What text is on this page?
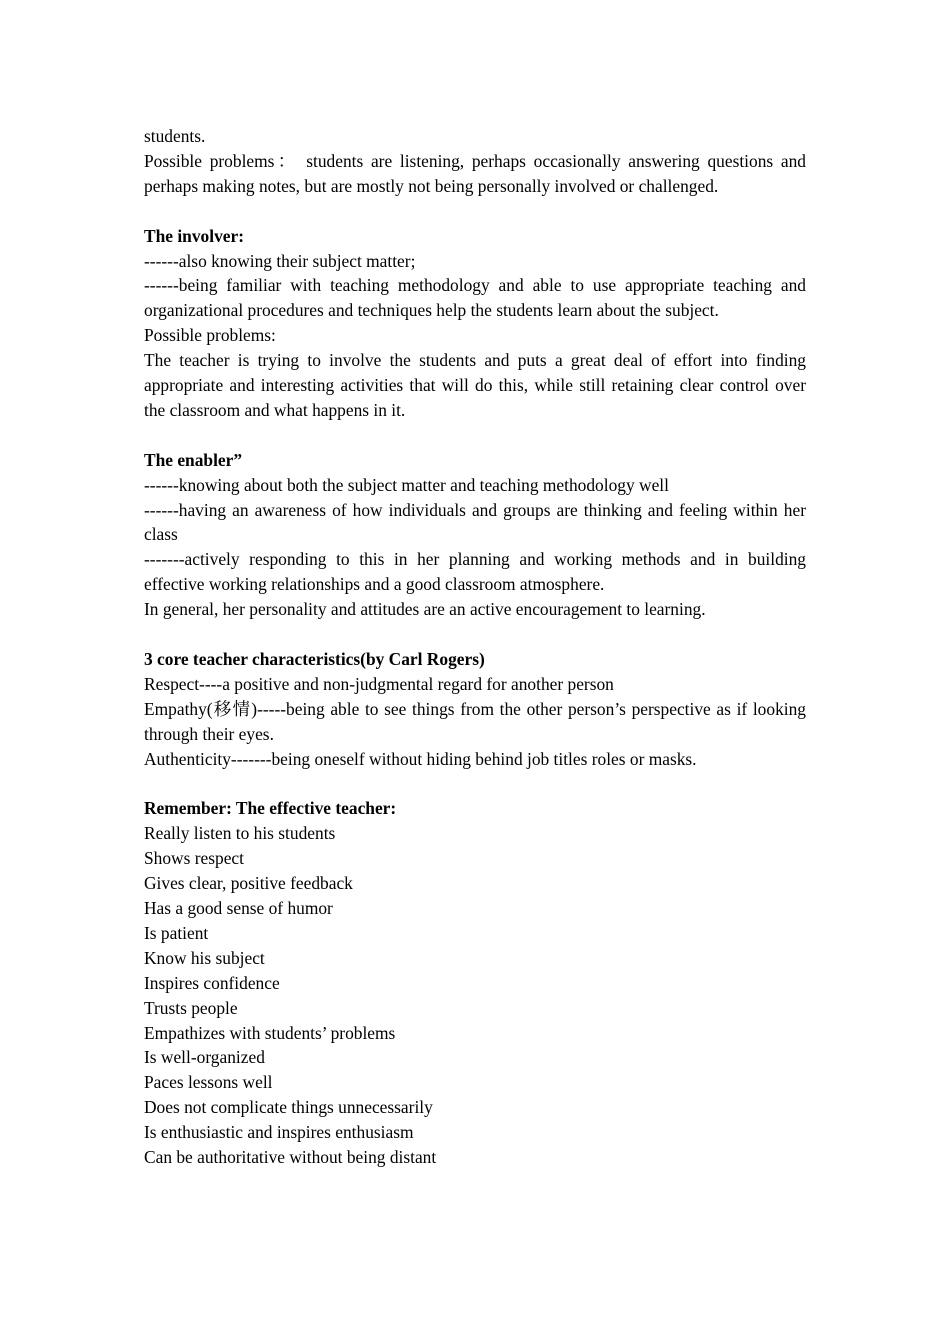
students.

Possible problems： students are listening, perhaps occasionally answering questions and perhaps making notes, but are mostly not being personally involved or challenged.

The involver:

------also knowing their subject matter;

------being familiar with teaching methodology and able to use appropriate teaching and organizational procedures and techniques help the students learn about the subject.

Possible problems:

The teacher is trying to involve the students and puts a great deal of effort into finding appropriate and interesting activities that will do this, while still retaining clear control over the classroom and what happens in it.

The enabler”

------knowing about both the subject matter and teaching methodology well

------having an awareness of how individuals and groups are thinking and feeling within her class

-------actively responding to this in her planning and working methods and in building effective working relationships and a good classroom atmosphere.

In general, her personality and attitudes are an active encouragement to learning.

3 core teacher characteristics(by Carl Rogers)

Respect----a positive and non-judgmental regard for another person

Empathy(移情)-----being able to see things from the other person’s perspective as if looking through their eyes.

Authenticity-------being oneself without hiding behind job titles roles or masks.

Remember: The effective teacher:

Really listen to his students

Shows respect

Gives clear, positive feedback

Has a good sense of humor

Is patient

Know his subject

Inspires confidence

Trusts people

Empathizes with students’ problems

Is well-organized

Paces lessons well

Does not complicate things unnecessarily

Is enthusiastic and inspires enthusiasm

Can be authoritative without being distant
